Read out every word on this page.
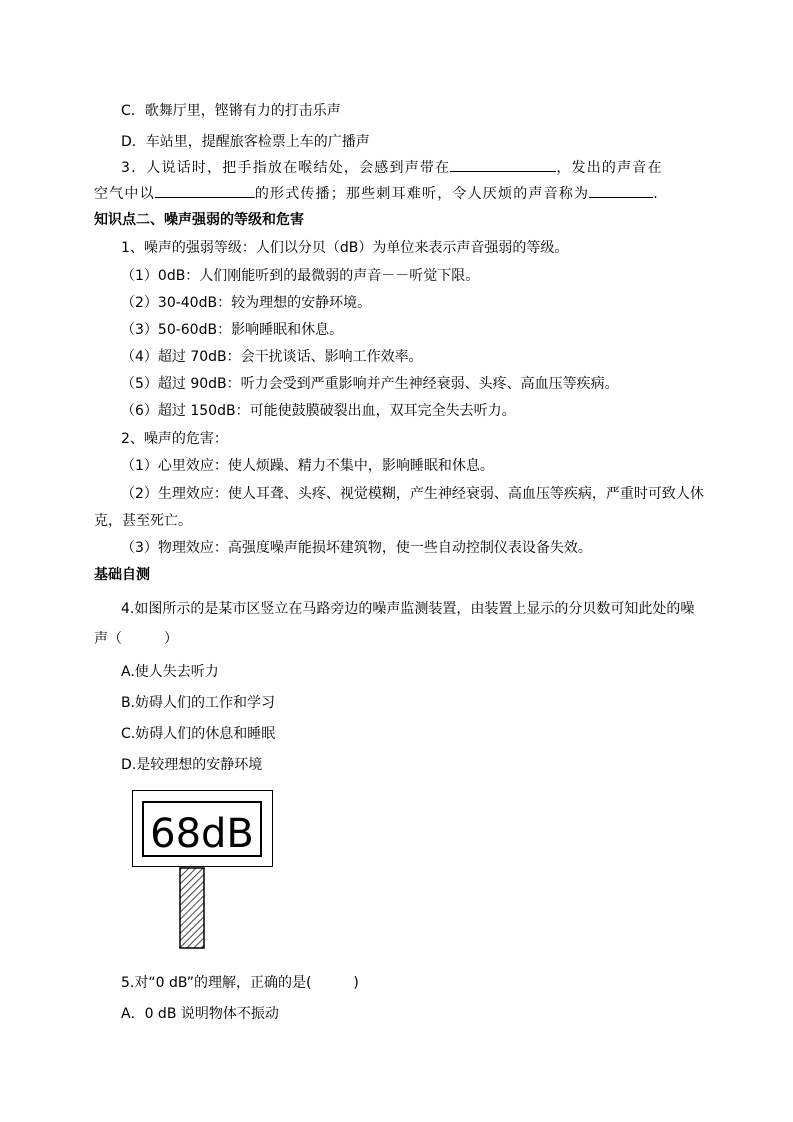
C．歌舞厅里，铿锵有力的打击乐声
D．车站里，提醒旅客检票上车的广播声
3．人说话时，把手指放在喉结处，会感到声带在	，发出的声音在
空气中以	的形式传播；那些刺耳难听，令人厌烦的声音称为	.
知识点二、噪声强弱的等级和危害
1、噪声的强弱等级：人们以分贝（dB）为单位来表示声音强弱的等级。
（1）0dB：人们刚能听到的最微弱的声音－－听觉下限。
（2）30-40dB：较为理想的安静环境。
（3）50-60dB：影响睡眠和休息。
（4）超过 70dB：会干扰谈话、影响工作效率。
（5）超过 90dB：听力会受到严重影响并产生神经衰弱、头疼、高血压等疾病。
（6）超过 150dB：可能使鼓膜破裂出血，双耳完全失去听力。
2、噪声的危害：
（1）心里效应：使人烦躁、精力不集中，影响睡眠和休息。
（2）生理效应：使人耳聋、头疼、视觉模糊，产生神经衰弱、高血压等疾病，严重时可致人休
克，甚至死亡。
（3）物理效应：高强度噪声能损坏建筑物，使一些自动控制仪表设备失效。
基础自测
4.如图所示的是某市区竖立在马路旁边的噪声监测装置，由装置上显示的分贝数可知此处的噪
声（　　　）
A.使人失去听力
B.妨碍人们的工作和学习
C.妨碍人们的休息和睡眠
D.是较理想的安静环境
68dB
5.对“0 dB”的理解，正确的是(　　　)
A．0 dB 说明物体不振动
